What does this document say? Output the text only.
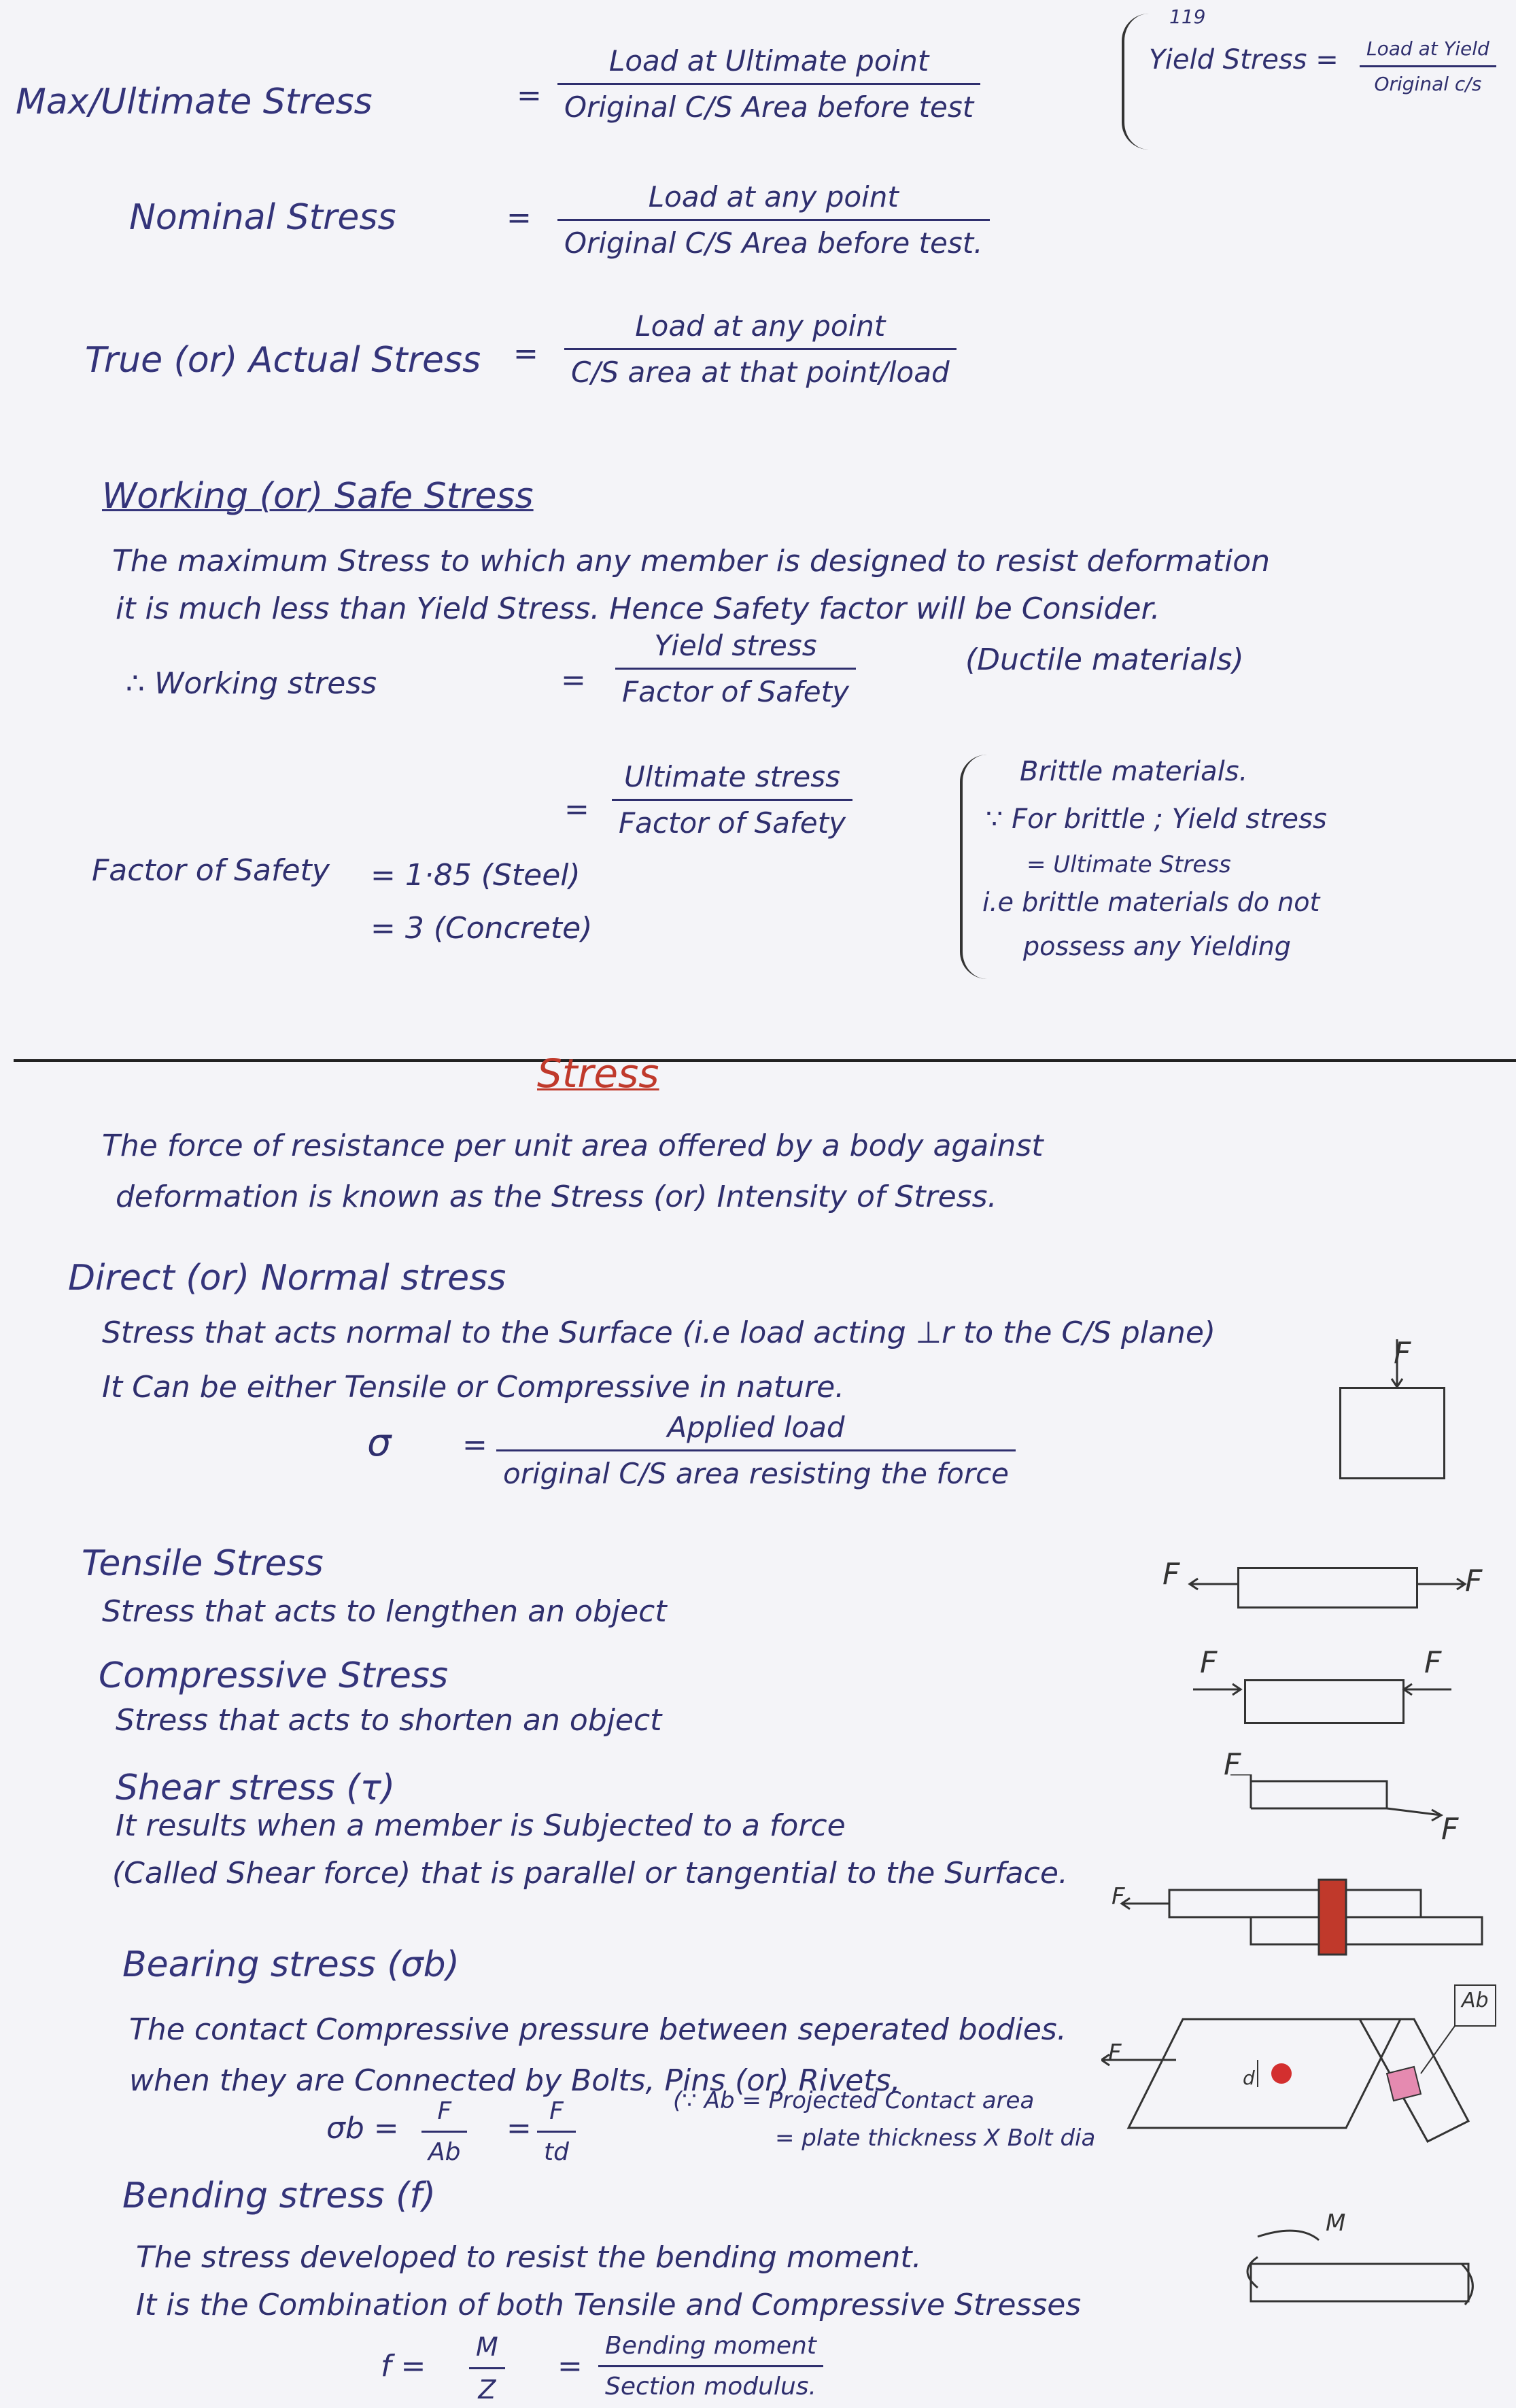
Max/Ultimate Stress	=
Load at Ultimate point
Original C/S Area before test
119
Yield Stress =	Load at Yield
Original c/s
Nominal Stress	=
Load at any point
Original C/S Area before test.
True (or) Actual Stress =
Load at any point
C/S area at that point/load
Working (or) Safe Stress
The maximum Stress to which any member is designed to resist deformation
it is much less than Yield Stress. Hence Safety factor will be Consider.
∴ Working stress	=
Yield stress
Factor of Safety
(Ductile materials)
=
Ultimate stress
Factor of Safety
Factor of Safety = 1·85 (Steel)
= 3 (Concrete)
Brittle materials.
∵ For brittle ; Yield stress
= Ultimate Stress
i.e brittle materials do not
possess any Yielding
Stress
The force of resistance per unit area offered by a body against
deformation is known as the Stress (or) Intensity of Stress.
Direct (or) Normal stress
Stress that acts normal to the Surface (i.e load acting ⊥r to the C/S plane)
It Can be either Tensile or Compressive in nature.
σ =
Applied load
original C/S area resisting the force
F
Tensile Stress
Stress that acts to lengthen an object
F	F
Compressive Stress
Stress that acts to shorten an object
F	F
Shear stress (τ)
It results when a member is Subjected to a force
(Called Shear force) that is parallel or tangential to the Surface.
F
F
F
Bearing stress (σb)
The contact Compressive pressure between seperated bodies.
when they are Connected by Bolts, Pins (or) Rivets,
σb = F
Ab
= F
td
(∵ Ab = Projected Contact area
= plate thickness X Bolt dia
Ab
F
d
Bending stress (f)
The stress developed to resist the bending moment.
It is the Combination of both Tensile and Compressive Stresses
f =
M
Z
=
Bending moment
Section modulus.
M
